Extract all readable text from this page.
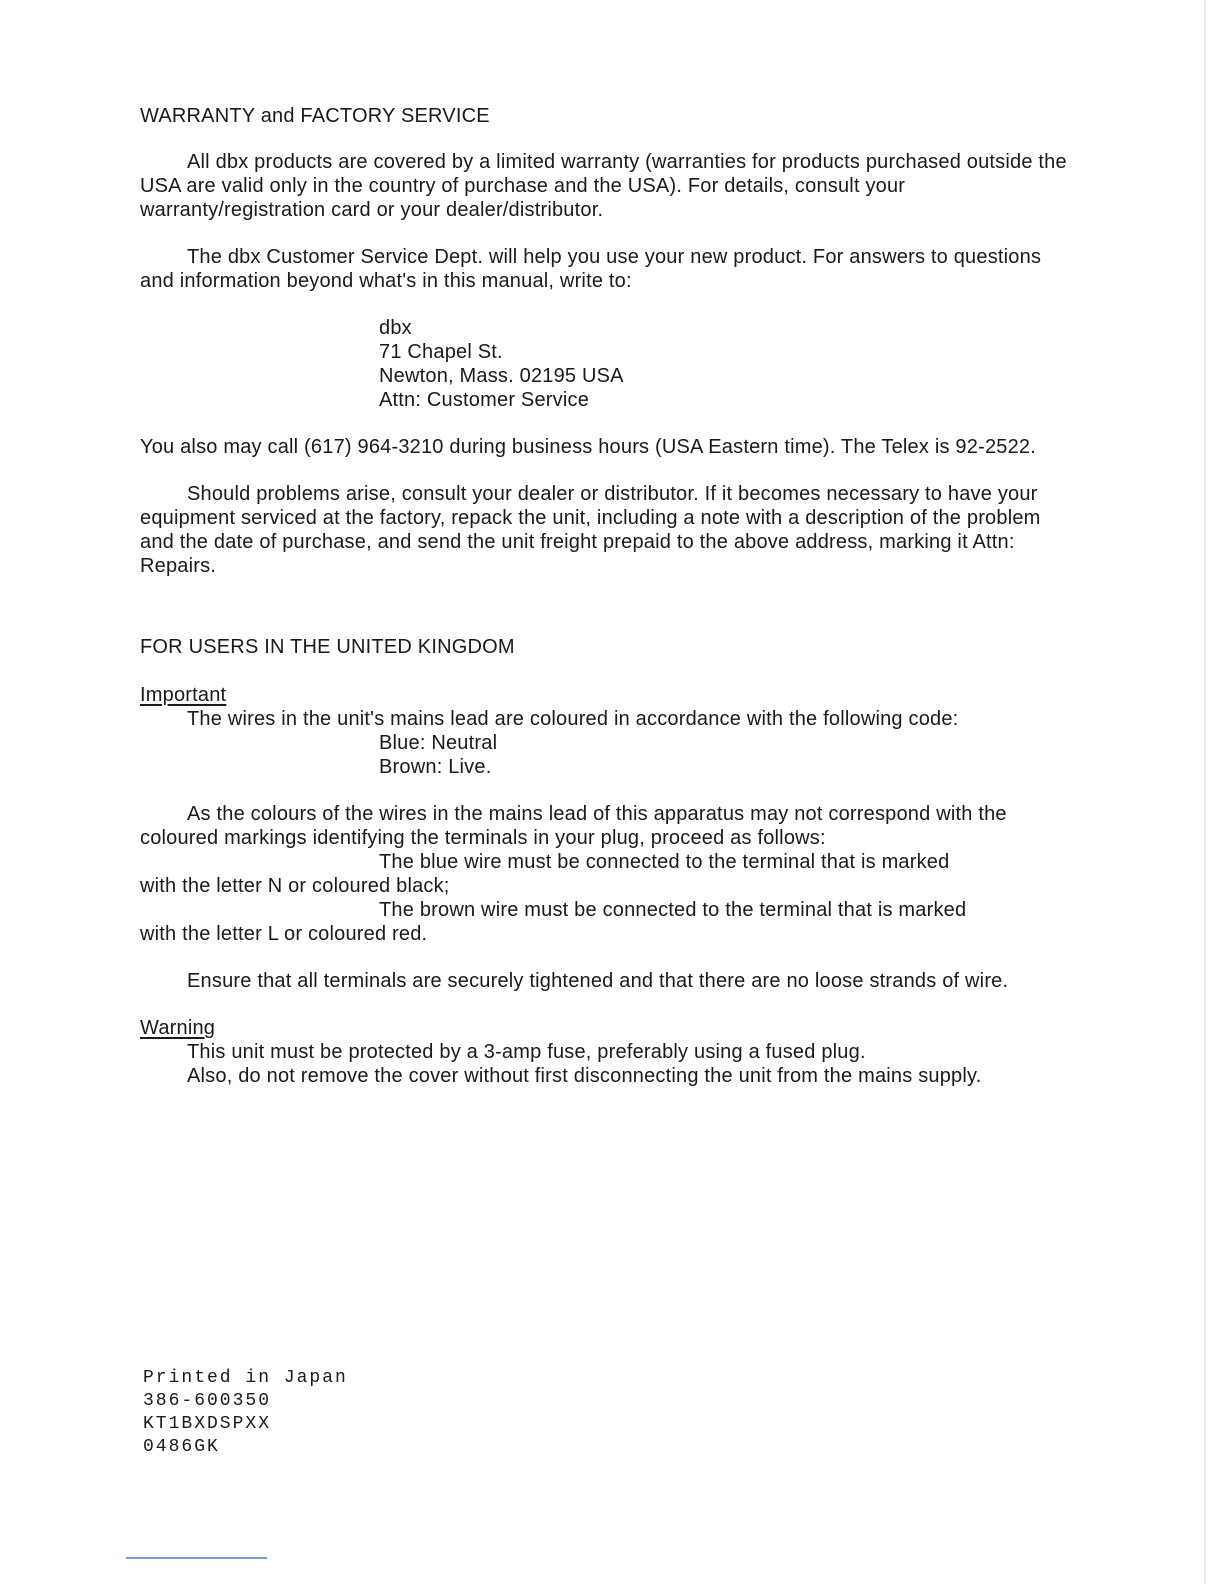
WARRANTY and FACTORY SERVICE

All dbx products are covered by a limited warranty (warranties for products purchased outside the USA are valid only in the country of purchase and the USA). For details, consult your warranty/registration card or your dealer/distributor.

The dbx Customer Service Dept. will help you use your new product. For answers to questions and information beyond what's in this manual, write to:

dbx
71 Chapel St.
Newton, Mass. 02195 USA
Attn: Customer Service

You also may call (617) 964-3210 during business hours (USA Eastern time). The Telex is 92-2522.

Should problems arise, consult your dealer or distributor. If it becomes necessary to have your equipment serviced at the factory, repack the unit, including a note with a description of the problem and the date of purchase, and send the unit freight prepaid to the above address, marking it Attn: Repairs.

FOR USERS IN THE UNITED KINGDOM
Important

The wires in the unit's mains lead are coloured in accordance with the following code:

Blue: Neutral
Brown: Live.

As the colours of the wires in the mains lead of this apparatus may not correspond with the coloured markings identifying the terminals in your plug, proceed as follows:

The blue wire must be connected to the terminal that is marked
with the letter N or coloured black;
The brown wire must be connected to the terminal that is marked
with the letter L or coloured red.

Ensure that all terminals are securely tightened and that there are no loose strands of wire.

Warning

This unit must be protected by a 3-amp fuse, preferably using a fused plug.

Also, do not remove the cover without first disconnecting the unit from the mains supply.

Printed in Japan
386-600350
KT1BXDSPXX
0486GK
